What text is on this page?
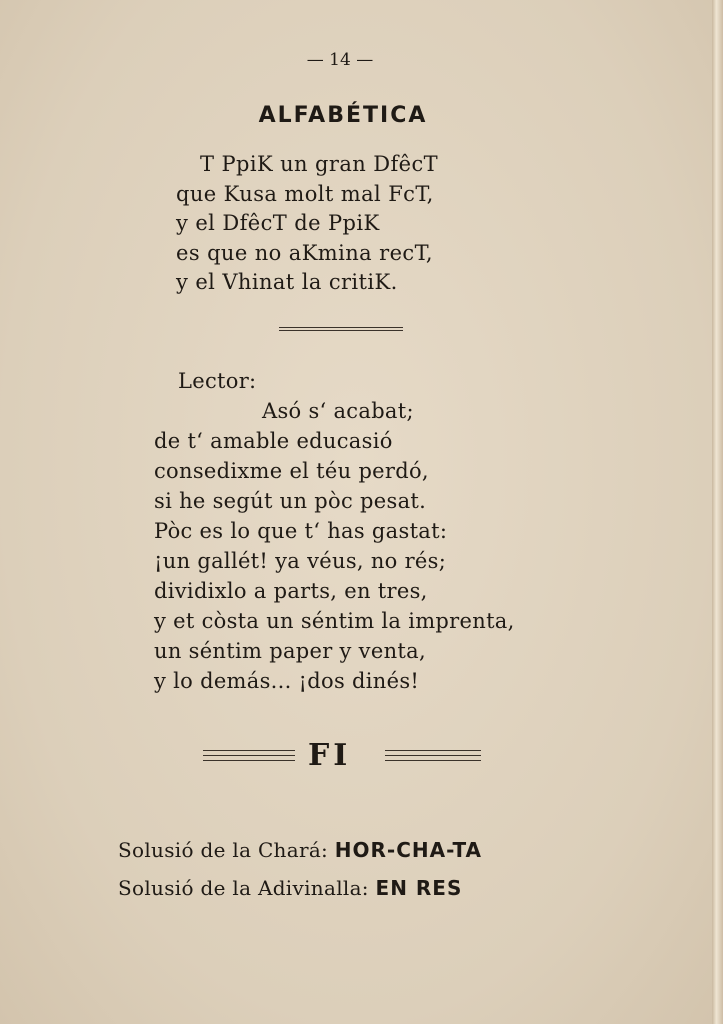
— 14 —
ALFABÉTICA
T PpiK un gran DfêcT
que Kusa molt mal FcT,
y el DfêcT de PpiK
es que no aKmina recT,
y el Vhinat la critiK.
Lector:
Asó s‘ acabat;
de t‘ amable educasió
consedixme el téu perdó,
si he segút un pòc pesat.
Pòc es lo que t‘ has gastat:
¡un gallét! ya véus, no rés;
dividixlo a parts, en tres,
y et còsta un séntim la imprenta,
un séntim paper y venta,
y lo demás... ¡dos dinés!
FI
Solusió de la Chará: HOR-CHA-TA
Solusió de la Adivinalla: EN RES
